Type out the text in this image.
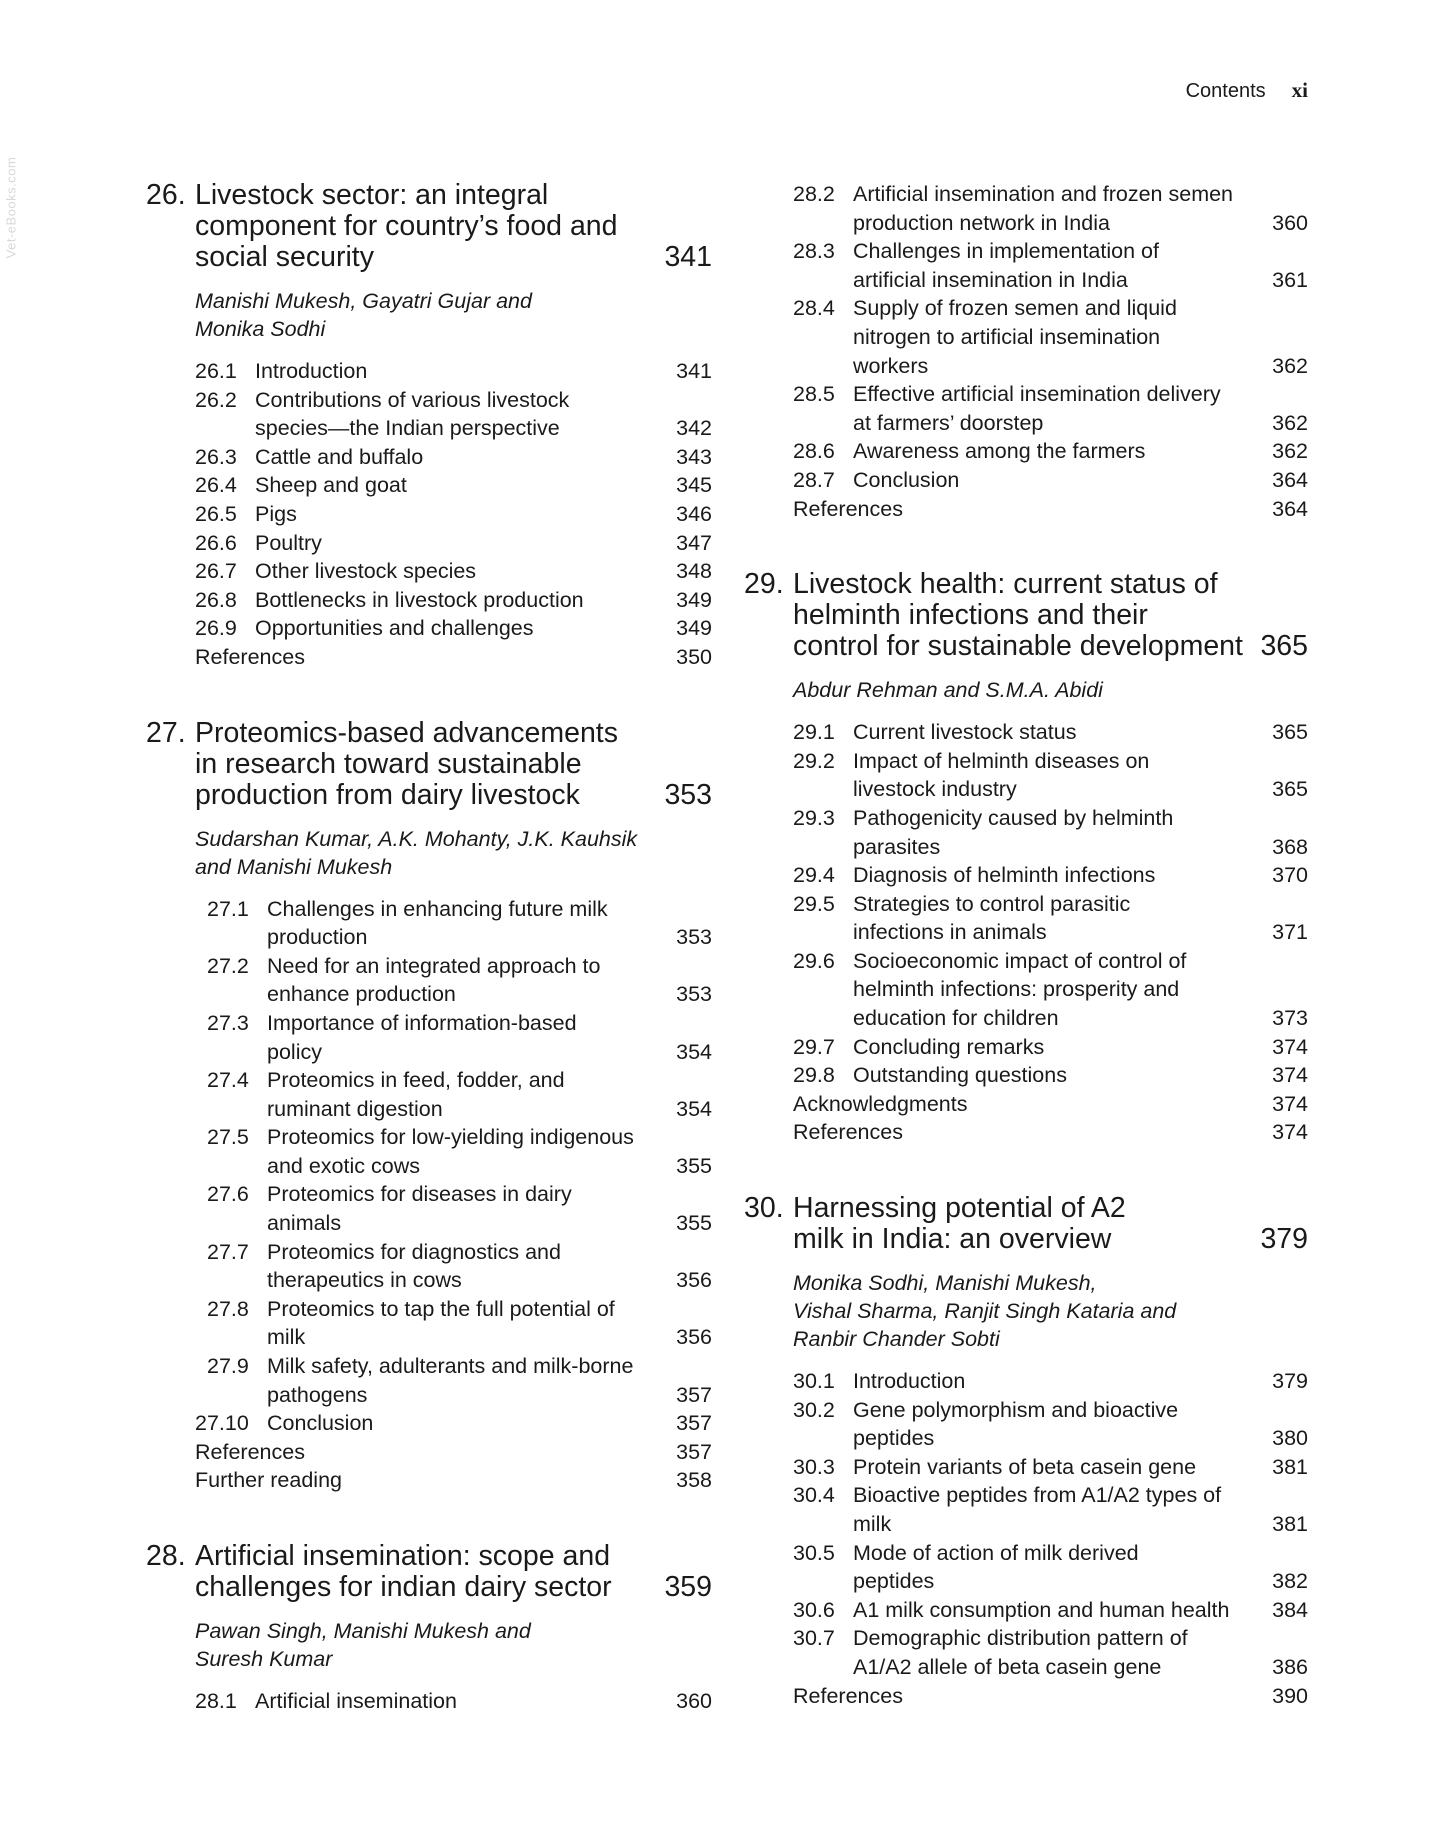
Vet-eBooks.com
Contents xi
26. Livestock sector: an integral
component for country’s food and
social security	341
Manishi Mukesh, Gayatri Gujar and
Monika Sodhi
26.1 Introduction	341
26.2 Contributions of various livestock
species—the Indian perspective	342
26.3 Cattle and buffalo	343
26.4 Sheep and goat	345
26.5 Pigs	346
26.6 Poultry	347
26.7 Other livestock species	348
26.8 Bottlenecks in livestock production	349
26.9 Opportunities and challenges	349
References	350
27. Proteomics-based advancements
in research toward sustainable
production from dairy livestock	353
Sudarshan Kumar, A.K. Mohanty, J.K. Kauhsik
and Manishi Mukesh
27.1 Challenges in enhancing future milk
production	353
27.2 Need for an integrated approach to
enhance production	353
27.3 Importance of information-based
policy	354
27.4 Proteomics in feed, fodder, and
ruminant digestion	354
27.5 Proteomics for low-yielding indigenous
and exotic cows	355
27.6 Proteomics for diseases in dairy
animals	355
27.7 Proteomics for diagnostics and
therapeutics in cows	356
27.8 Proteomics to tap the full potential of
milk	356
27.9 Milk safety, adulterants and milk-borne
pathogens	357
27.10 Conclusion	357
References	357
Further reading	358
28. Artificial insemination: scope and
challenges for indian dairy sector	359
Pawan Singh, Manishi Mukesh and
Suresh Kumar
28.1 Artificial insemination	360
28.2 Artificial insemination and frozen semen
production network in India	360
28.3 Challenges in implementation of
artificial insemination in India	361
28.4 Supply of frozen semen and liquid
nitrogen to artificial insemination
workers	362
28.5 Effective artificial insemination delivery
at farmers’ doorstep	362
28.6 Awareness among the farmers	362
28.7 Conclusion	364
References	364
29. Livestock health: current status of
helminth infections and their
control for sustainable development 365
Abdur Rehman and S.M.A. Abidi
29.1 Current livestock status	365
29.2 Impact of helminth diseases on
livestock industry	365
29.3 Pathogenicity caused by helminth
parasites	368
29.4 Diagnosis of helminth infections	370
29.5 Strategies to control parasitic
infections in animals	371
29.6 Socioeconomic impact of control of
helminth infections: prosperity and
education for children	373
29.7 Concluding remarks	374
29.8 Outstanding questions	374
Acknowledgments	374
References	374
30. Harnessing potential of A2
milk in India: an overview	379
Monika Sodhi, Manishi Mukesh,
Vishal Sharma, Ranjit Singh Kataria and
Ranbir Chander Sobti
30.1 Introduction	379
30.2 Gene polymorphism and bioactive
peptides	380
30.3 Protein variants of beta casein gene	381
30.4 Bioactive peptides from A1/A2 types of
milk	381
30.5 Mode of action of milk derived
peptides	382
30.6 A1 milk consumption and human health	384
30.7 Demographic distribution pattern of
A1/A2 allele of beta casein gene	386
References	390
